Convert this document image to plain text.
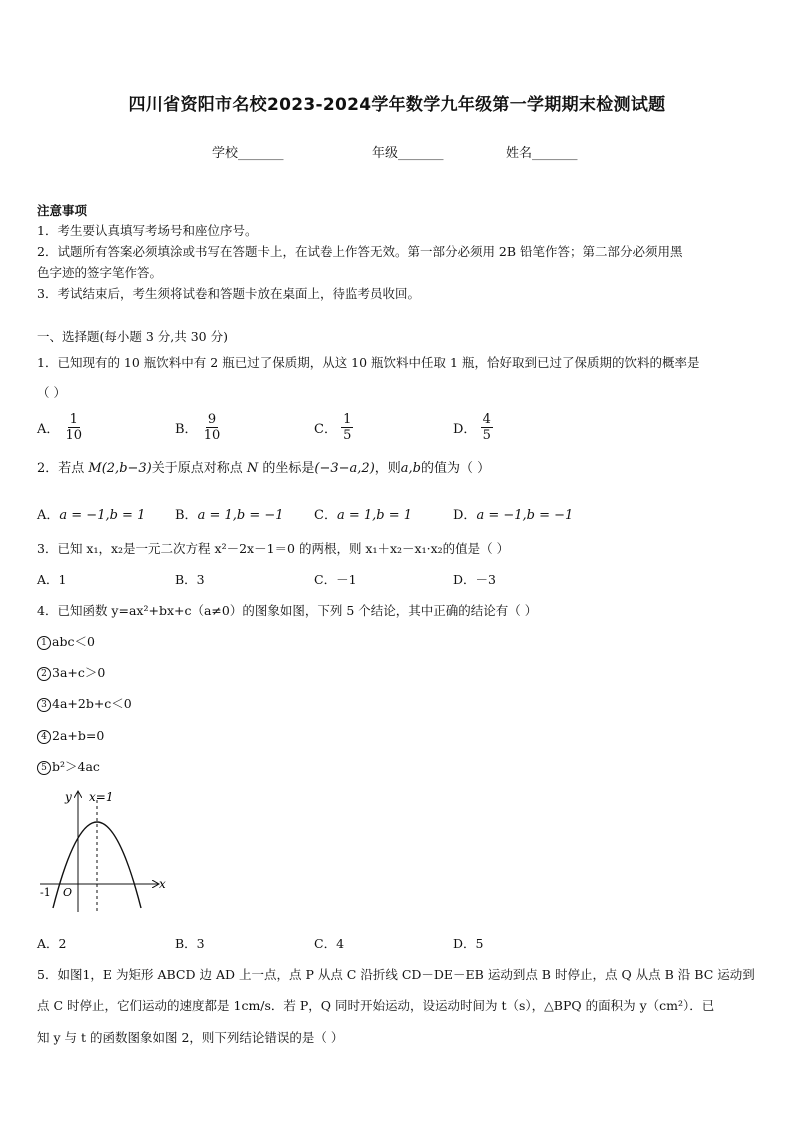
四川省资阳市名校2023-2024学年数学九年级第一学期期末检测试题
学校_______	年级_______	姓名_______
注意事项
1．考生要认真填写考场号和座位序号。
2．试题所有答案必须填涂或书写在答题卡上，在试卷上作答无效。第一部分必须用 2B 铅笔作答；第二部分必须用黑
色字迹的签字笔作答。
3．考试结束后，考生须将试卷和答题卡放在桌面上，待监考员收回。
一、选择题(每小题 3 分,共 30 分)
1．已知现有的 10 瓶饮料中有 2 瓶已过了保质期，从这 10 瓶饮料中任取 1 瓶，恰好取到已过了保质期的饮料的概率是
（ ）
A． $\frac{1}{10}$	B． $\frac{9}{10}$	C． $\frac{1}{5}$	D． $\frac{4}{5}$
2．若点 M(2,b−3)关于原点对称点 N 的坐标是(−3−a,2)，则a,b的值为（ ）
A．a = −1,b = 1 B．a = 1,b = −1 C．a = 1,b = 1	D．a = −1,b = −1
3．已知 x₁，x₂是一元二次方程 x²－2x－1＝0 的两根，则 x₁＋x₂－x₁·x₂的值是（ ）
A．1	B．3	C．－1	D．－3
4．已知函数 y=ax²+bx+c（a≠0）的图象如图，下列 5 个结论，其中正确的结论有（ ）
1 abc＜0
2 3a+c＞0
3 4a+2b+c＜0
4 2a+b=0
5 b²＞4ac
y x=1
x
O
-1
A．2	B．3	C．4	D．5
5．如图1，E 为矩形 ABCD 边 AD 上一点，点 P 从点 C 沿折线 CD－DE－EB 运动到点 B 时停止，点 Q 从点 B 沿 BC 运动到
点 C 时停止，它们运动的速度都是 1cm/s．若 P，Q 同时开始运动，设运动时间为 t（s），△BPQ 的面积为 y（cm²）．已
知 y 与 t 的函数图象如图 2，则下列结论错误的是（ ）
